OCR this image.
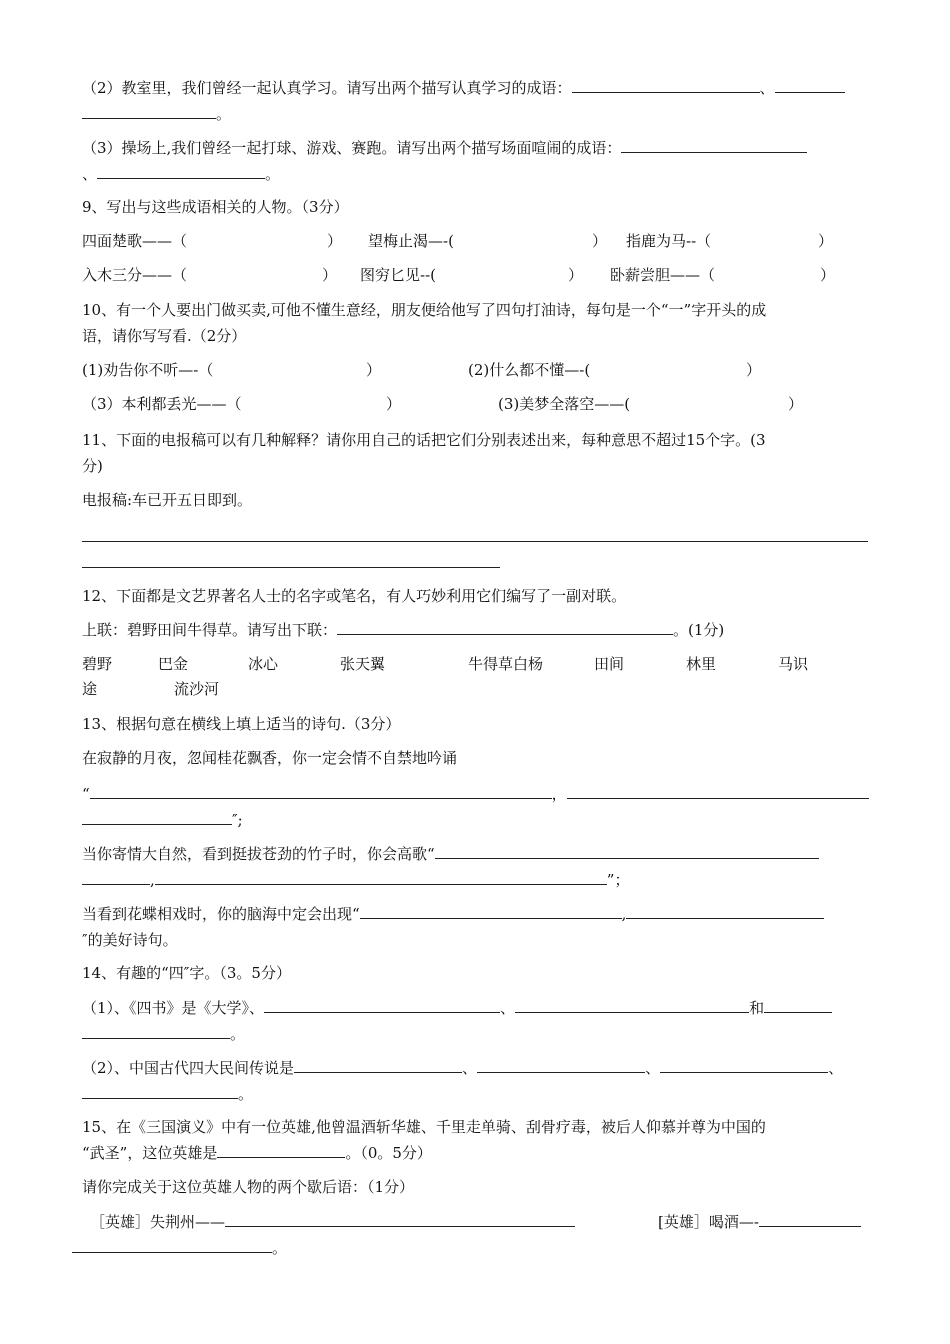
（2）教室里，我们曾经一起认真学习。请写出两个描写认真学习的成语：	、
。
（3）操场上,我们曾经一起打球、游戏、赛跑。请写出两个描写场面喧闹的成语：
、	。
9、写出与这些成语相关的人物。（3分）
四面楚歌——（	） 望梅止渴—-(	） 指鹿为马--（	）
入木三分——（	） 图穷匕见--(	） 卧薪尝胆——（	）
10、有一个人要出门做买卖,可他不懂生意经，朋友便给他写了四句打油诗，每句是一个“一”字开头的成
语，请你写写看.（2分）
(1)劝告你不听—-（	）	(2)什么都不懂—-(	）
（3）本利都丢光——（	）	(3)美梦全落空——(	）
11、下面的电报稿可以有几种解释？请你用自己的话把它们分别表述出来，每种意思不超过15个字。(3
分)
电报稿:车已开五日即到。
12、下面都是文艺界著名人士的名字或笔名，有人巧妙利用它们编写了一副对联。
上联：碧野田间牛得草。请写出下联：	。(1分)
碧野	巴金	冰心	张天翼	牛得草白杨	田间	林里	马识
途	流沙河
13、根据句意在横线上填上适当的诗句.（3分）
在寂静的月夜，忽闻桂花飘香，你一定会情不自禁地吟诵
“	，
″;
当你寄情大自然，看到挺拔苍劲的竹子时，你会高歌“
,	”；
当看到花蝶相戏时，你的脑海中定会出现“	,
″的美好诗句。
14、有趣的“四″字。（3。5分）
（1）、《四书》是《大学》、	、	和
。
（2）、中国古代四大民间传说是	、	、	、
。
15、在《三国演义》中有一位英雄,他曾温酒斩华雄、千里走单骑、刮骨疗毒，被后人仰慕并尊为中国的
“武圣”，这位英雄是	。（0。5分）
请你完成关于这位英雄人物的两个歇后语：（1分）
［英雄］失荆州——	[英雄］喝酒—-
。
